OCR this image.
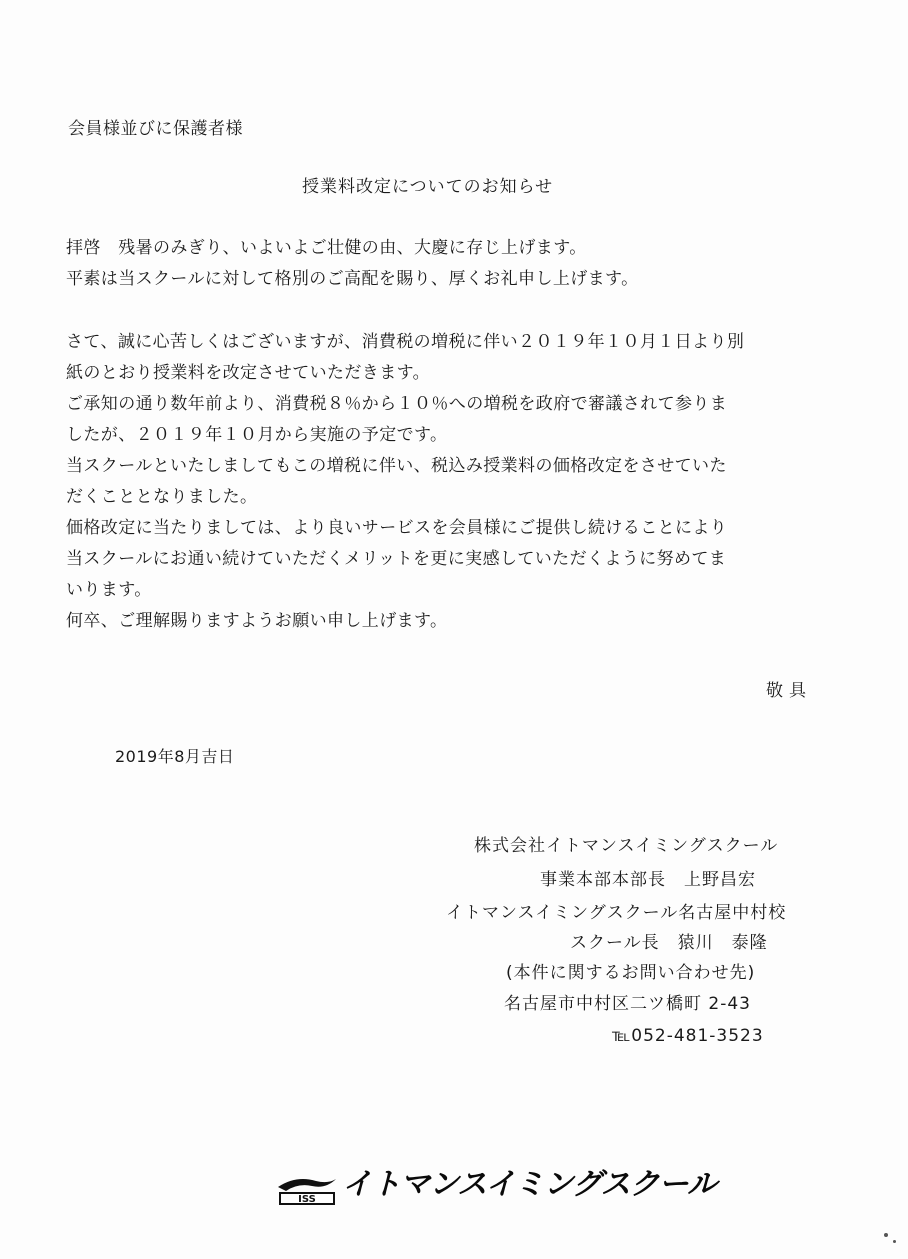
会員様並びに保護者様
授業料改定についてのお知らせ

拝啓　残暑のみぎり、いよいよご壮健の由、大慶に存じ上げます。

平素は当スクールに対して格別のご高配を賜り、厚くお礼申し上げます。

さて、誠に心苦しくはございますが、消費税の増税に伴い２０１９年１０月１日より別

紙のとおり授業料を改定させていただきます。

ご承知の通り数年前より、消費税８％から１０％への増税を政府で審議されて参りま

したが、２０１９年１０月から実施の予定です。

当スクールといたしましてもこの増税に伴い、税込み授業料の価格改定をさせていた

だくこととなりました。

価格改定に当たりましては、より良いサービスを会員様にご提供し続けることにより

当スクールにお通い続けていただくメリットを更に実感していただくように努めてま

いります。

何卒、ご理解賜りますようお願い申し上げます。

敬具
2019年8月吉日
株式会社イトマンスイミングスクール
事業本部本部長　上野昌宏
イトマンスイミングスクール名古屋中村校
スクール長　猿川　泰隆
(本件に関するお問い合わせ先)
名古屋市中村区二ツ橋町 2-43
℡052-481-3523
ISS イトマンスイミングスクール
